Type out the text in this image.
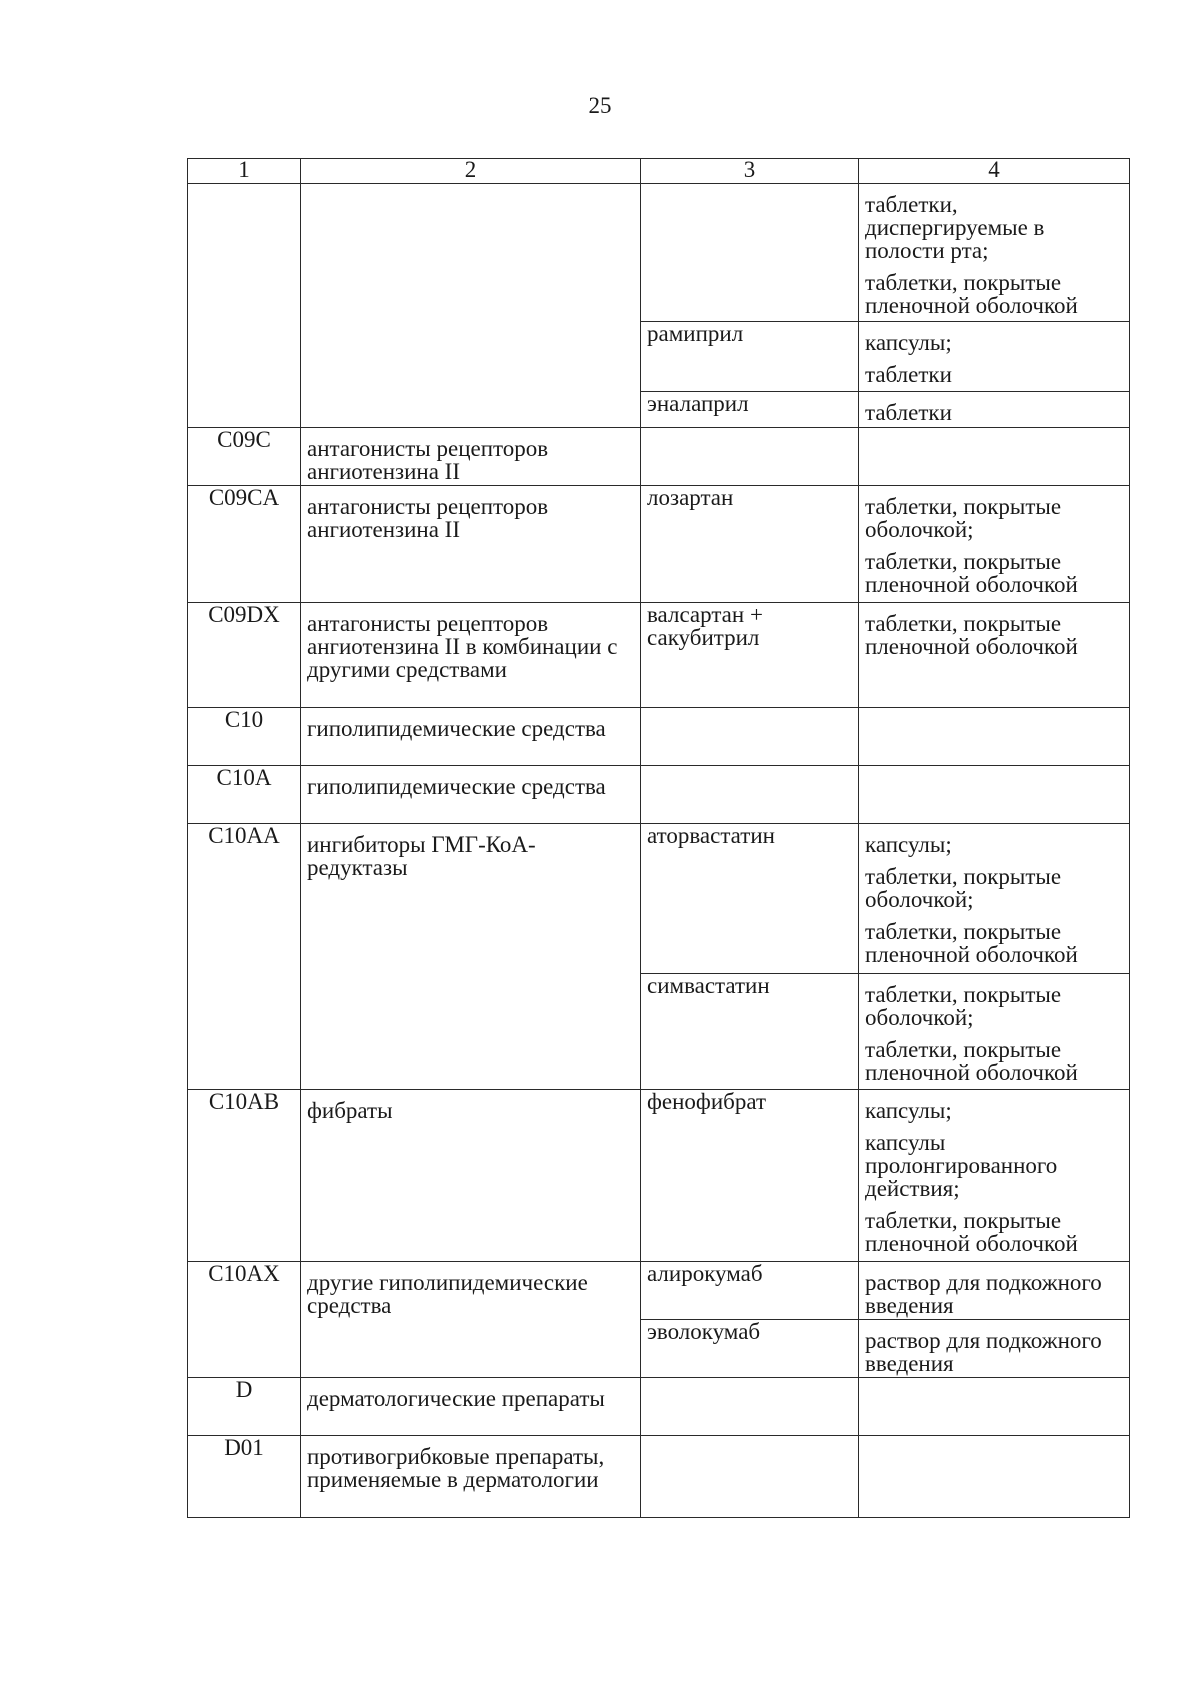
25
1	2	3	4

			таблетки, диспергируемые в полости рта;
таблетки, покрытые пленочной оболочкой

		рамиприл	капсулы;
таблетки

		эналаприл	таблетки

C09C	антагонисты рецепторов ангиотензина II		

C09CA	антагонисты рецепторов ангиотензина II	лозартан	таблетки, покрытые оболочкой;
таблетки, покрытые пленочной оболочкой

C09DX	антагонисты рецепторов ангиотензина II в комбинации с другими средствами	валсартан + сакубитрил	таблетки, покрытые пленочной оболочкой

C10	гиполипидемические средства		

C10A	гиполипидемические средства		

C10AA	ингибиторы ГМГ-КоА-редуктазы	аторвастатин	капсулы;
таблетки, покрытые оболочкой;
таблетки, покрытые пленочной оболочкой

		симвастатин	таблетки, покрытые оболочкой;
таблетки, покрытые пленочной оболочкой

C10AB	фибраты	фенофибрат	капсулы;
капсулы пролонгированного действия;
таблетки, покрытые пленочной оболочкой

C10AX	другие гиполипидемические средства	алирокумаб	раствор для подкожного введения

		эволокумаб	раствор для подкожного введения

D	дерматологические препараты		

D01	противогрибковые препараты, применяемые в дерматологии		
